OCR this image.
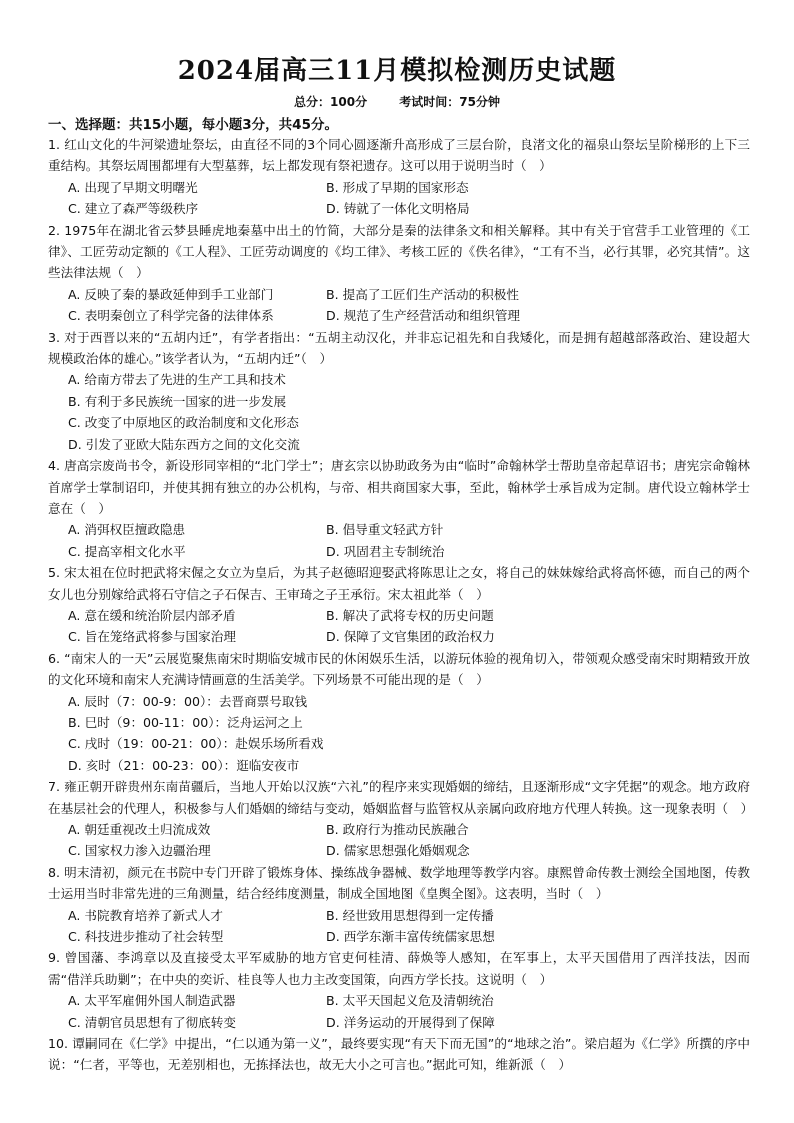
2024届高三11月模拟检测历史试题
总分：100分	考试时间：75分钟
一、选择题：共15小题，每小题3分，共45分。

1. 红山文化的牛河梁遗址祭坛，由直径不同的3个同心圆逐渐升高形成了三层台阶，良渚文化的福泉山祭坛呈阶梯形的上下三重结构。其祭坛周围都埋有大型墓葬，坛上都发现有祭祀遗存。这可以用于说明当时（　）

A. 出现了早期文明曙光	B. 形成了早期的国家形态
C. 建立了森严等级秩序	D. 铸就了一体化文明格局

2. 1975年在湖北省云梦县睡虎地秦墓中出土的竹简，大部分是秦的法律条文和相关解释。其中有关于官营手工业管理的《工律》、工匠劳动定额的《工人程》、工匠劳动调度的《均工律》、考核工匠的《佚名律》，“工有不当，必行其罪，必究其情”。这些法律法规（　）

A. 反映了秦的暴政延伸到手工业部门	B. 提高了工匠们生产活动的积极性
C. 表明秦创立了科学完备的法律体系	D. 规范了生产经营活动和组织管理

3. 对于西晋以来的“五胡内迁”，有学者指出：“五胡主动汉化，并非忘记祖先和自我矮化，而是拥有超越部落政治、建设超大规模政治体的雄心。”该学者认为，“五胡内迁”（　）

A. 给南方带去了先进的生产工具和技术
B. 有利于多民族统一国家的进一步发展
C. 改变了中原地区的政治制度和文化形态
D. 引发了亚欧大陆东西方之间的文化交流

4. 唐高宗废尚书令，新设形同宰相的“北门学士”；唐玄宗以协助政务为由“临时”命翰林学士帮助皇帝起草诏书；唐宪宗命翰林首席学士掌制诏印，并使其拥有独立的办公机构，与帝、相共商国家大事，至此，翰林学士承旨成为定制。唐代设立翰林学士意在（　）

A. 消弭权臣擅政隐患	B. 倡导重文轻武方针
C. 提高宰相文化水平	D. 巩固君主专制统治

5. 宋太祖在位时把武将宋偓之女立为皇后，为其子赵德昭迎娶武将陈思让之女，将自己的妹妹嫁给武将高怀德，而自己的两个女儿也分别嫁给武将石守信之子石保吉、王审琦之子王承衍。宋太祖此举（　）

A. 意在缓和统治阶层内部矛盾	B. 解决了武将专权的历史问题
C. 旨在笼络武将参与国家治理	D. 保障了文官集团的政治权力

6. “南宋人的一天”云展览聚焦南宋时期临安城市民的休闲娱乐生活，以游玩体验的视角切入，带领观众感受南宋时期精致开放的文化环境和南宋人充满诗情画意的生活美学。下列场景不可能出现的是（　）

A. 辰时（7：00-9：00）：去晋商票号取钱
B. 巳时（9：00-11：00）：泛舟运河之上
C. 戌时（19：00-21：00）：赴娱乐场所看戏
D. 亥时（21：00-23：00）：逛临安夜市

7. 雍正朝开辟贵州东南苗疆后，当地人开始以汉族“六礼”的程序来实现婚姻的缔结，且逐渐形成“文字凭据”的观念。地方政府在基层社会的代理人，积极参与人们婚姻的缔结与变动，婚姻监督与监管权从亲属向政府地方代理人转换。这一现象表明（　）

A. 朝廷重视改土归流成效	B. 政府行为推动民族融合
C. 国家权力渗入边疆治理	D. 儒家思想强化婚姻观念

8. 明末清初，颜元在书院中专门开辟了锻炼身体、操练战争器械、数学地理等教学内容。康熙曾命传教士测绘全国地图，传教士运用当时非常先进的三角测量，结合经纬度测量，制成全国地图《皇舆全图》。这表明，当时（　）

A. 书院教育培养了新式人才	B. 经世致用思想得到一定传播
C. 科技进步推动了社会转型	D. 西学东渐丰富传统儒家思想

9. 曾国藩、李鸿章以及直接受太平军威胁的地方官吏何桂清、薛焕等人感知，在军事上，太平天国借用了西洋技法，因而需“借洋兵助剿”；在中央的奕䜣、桂良等人也力主改变国策，向西方学长技。这说明（　）

A. 太平军雇佣外国人制造武器	B. 太平天国起义危及清朝统治
C. 清朝官员思想有了彻底转变	D. 洋务运动的开展得到了保障

10. 谭嗣同在《仁学》中提出，“仁以通为第一义”，最终要实现“有天下而无国”的“地球之治”。梁启超为《仁学》所撰的序中说：“仁者，平等也，无差别相也，无拣择法也，故无大小之可言也。”据此可知，维新派（　）
